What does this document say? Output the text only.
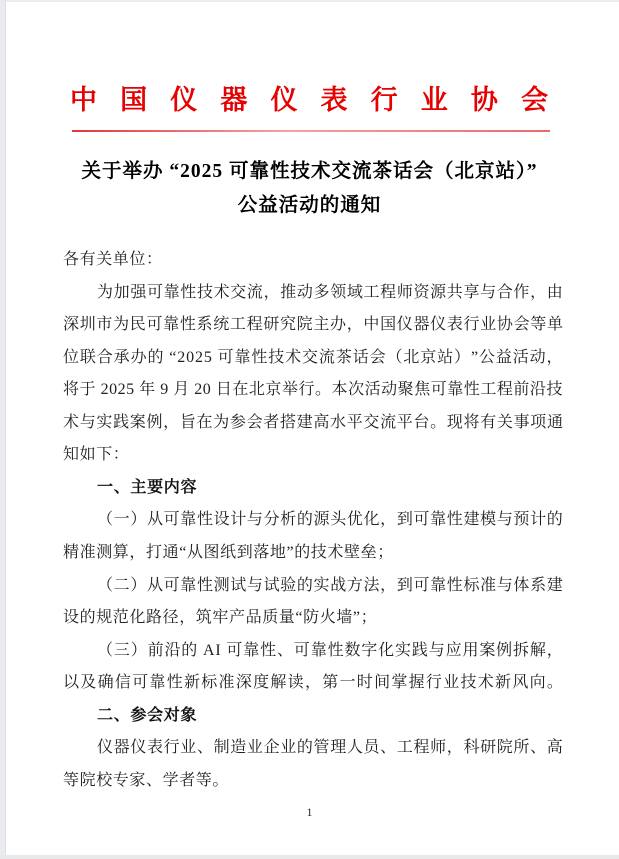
中 国 仪 器 仪 表 行 业 协 会
关于举办 “2025 可靠性技术交流茶话会（北京站）”
公益活动的通知
各有关单位：
为 加 强 可 靠 性 技 术 交 流 ， 推 动 多 领 域 工 程 师 资 源 共 享 与 合 作 ， 由
深 圳 市 为 民 可 靠 性 系 统 工 程 研 究 院 主 办 ， 中 国 仪 器 仪 表 行 业 协 会 等 单
位 联 合 承 办 的
“ 2 0 2 5
可 靠 性 技 术 交 流 茶 话 会 （ 北 京 站 ） ” 公 益 活 动 ，
将 于
2 0 2 5
年
9
月
2 0
日 在 北 京 举 行 。 本 次 活 动 聚 焦 可 靠 性 工 程 前 沿 技
术 与 实 践 案 例 ， 旨 在 为 参 会 者 搭 建 高 水 平 交 流 平 台 。 现 将 有 关 事 项 通
知如下：
一、主要内容
（ 一 ） 从 可 靠 性 设 计 与 分 析 的 源 头 优 化 ， 到 可 靠 性 建 模 与 预 计 的
精准测算，打通“从图纸到落地”的技术壁垒；
（ 二 ） 从 可 靠 性 测 试 与 试 验 的 实 战 方 法 ， 到 可 靠 性 标 准 与 体 系 建
设的规范化路径，筑牢产品质量“防火墙”；
（ 三 ） 前 沿 的
A I
可 靠 性 、 可 靠 性 数 字 化 实 践 与 应 用 案 例 拆 解 ，
以 及 确 信 可 靠 性 新 标 准 深 度 解 读 ， 第 一 时 间 掌 握 行 业 技 术 新 风 向 。
二、参会对象
仪 器 仪 表 行 业 、 制 造 业 企 业 的 管 理 人 员 、 工 程 师 ， 科 研 院 所 、 高
等院校专家、学者等。
1
